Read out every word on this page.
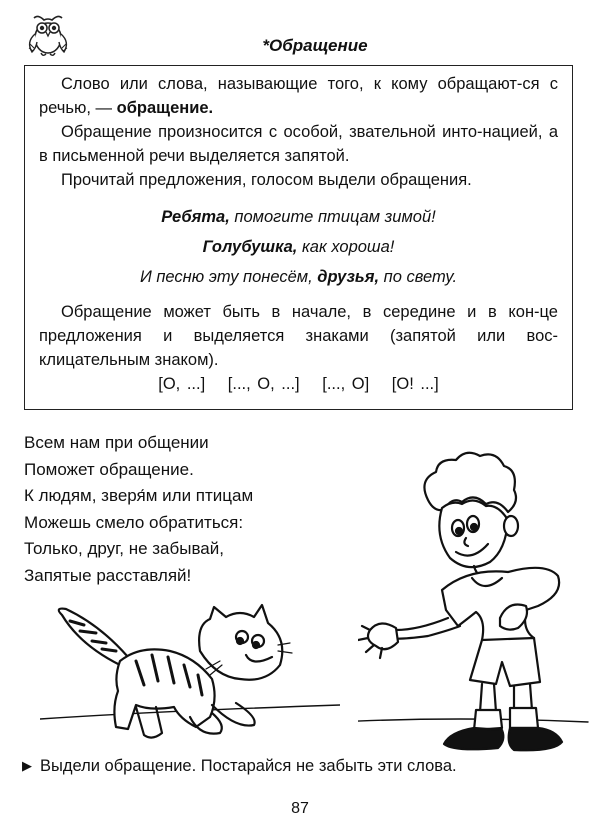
*Обращение

Слово или слова, называющие того, к кому обращают-ся с речью, — обращение.

Обращение произносится с особой, звательной инто-нацией, а в письменной речи выделяется запятой.

Прочитай предложения, голосом выдели обращения.

Ребята, помогите птицам зимой!

Голубушка, как хороша!

И песню эту понесём, друзья, по свету.

Обращение может быть в начале, в середине и в кон-це предложения и выделяется знаками (запятой или вос-клицательным знаком).

[О, ...] [..., О, ...] [..., О] [О! ...]

Всем нам при общении
Поможет обращение.
К людям, зверя́м или птицам
Можешь смело обратиться:
Только, друг, не забывай,
Запятые расставляй!
▶ Выдели обращение. Постарайся не забыть эти слова.
87
